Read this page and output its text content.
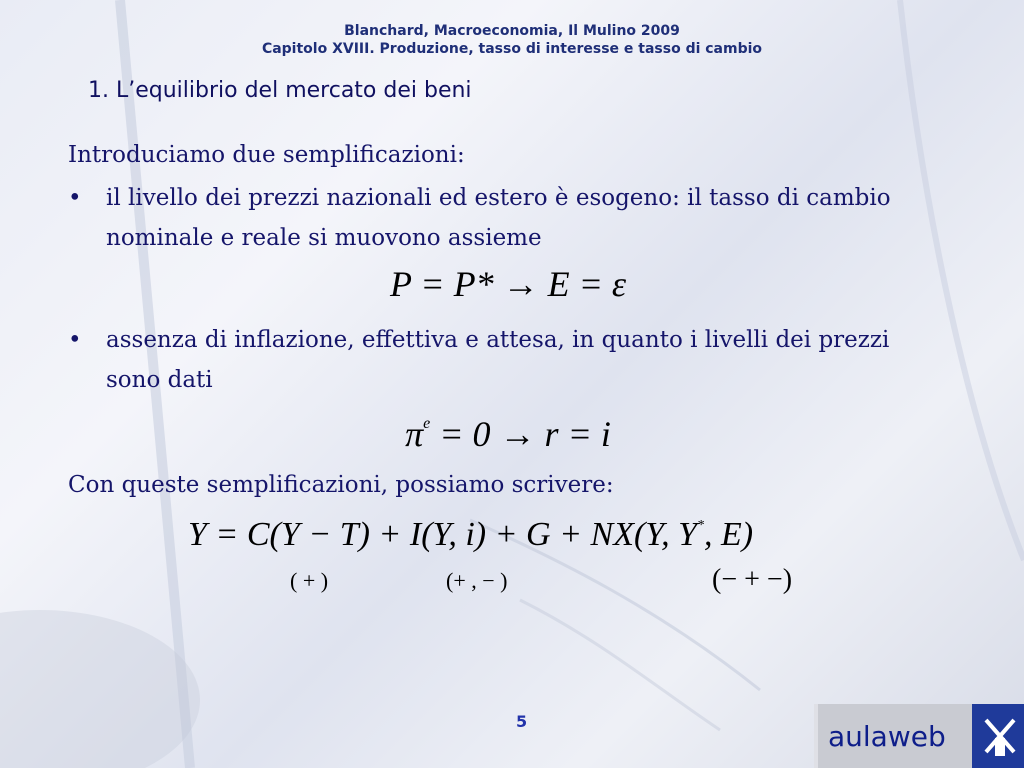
Blanchard, Macroeconomia, Il Mulino 2009
Capitolo XVIII. Produzione, tasso di interesse e tasso di cambio
1. L’equilibrio del mercato dei beni
Introduciamo due semplificazioni:
•	il livello dei prezzi nazionali ed estero è esogeno: il tasso di cambio nominale e reale si muovono assieme
P = P* → E = ε
•	assenza di inflazione, effettiva e attesa, in quanto i livelli dei prezzi sono dati
$\pi^e = 0 \to r = i$
Con queste semplificazioni, possiamo scrivere:
Y = C(Y − T) + I(Y, i) + G + NX(Y, Y*, E)
( + )	(+ , − )	(− + −)
5	aulaweb
